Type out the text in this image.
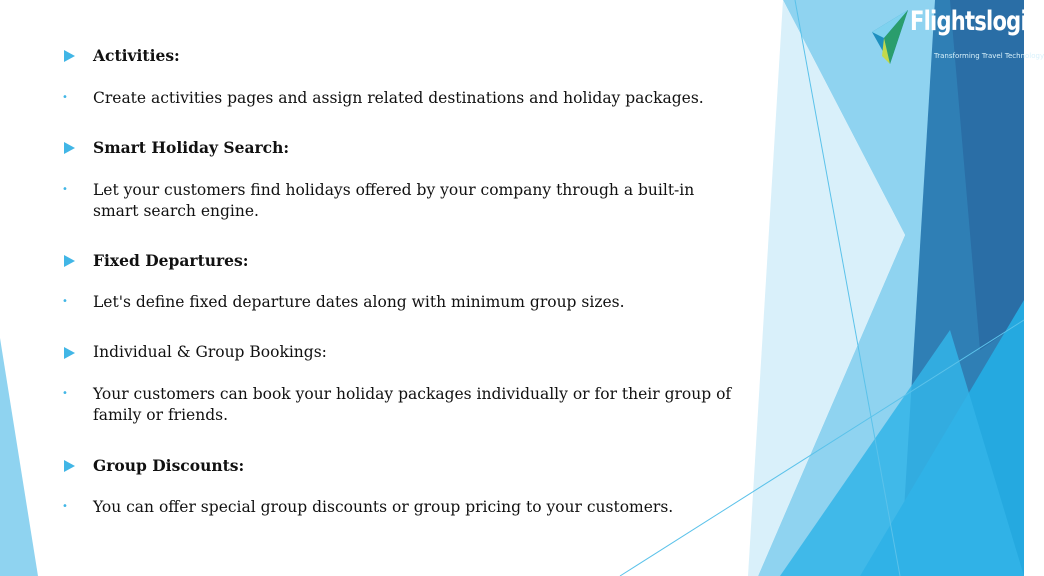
Flightslogic
Transforming Travel Technology
Activities:
• Create activities pages and assign related destinations and holiday packages.
Smart Holiday Search:
• Let your customers find holidays offered by your company through a built-in smart search engine.
Fixed Departures:
• Let's define fixed departure dates along with minimum group sizes.
Individual & Group Bookings:
• Your customers can book your holiday packages individually or for their group of family or friends.
Group Discounts:
• You can offer special group discounts or group pricing to your customers.
